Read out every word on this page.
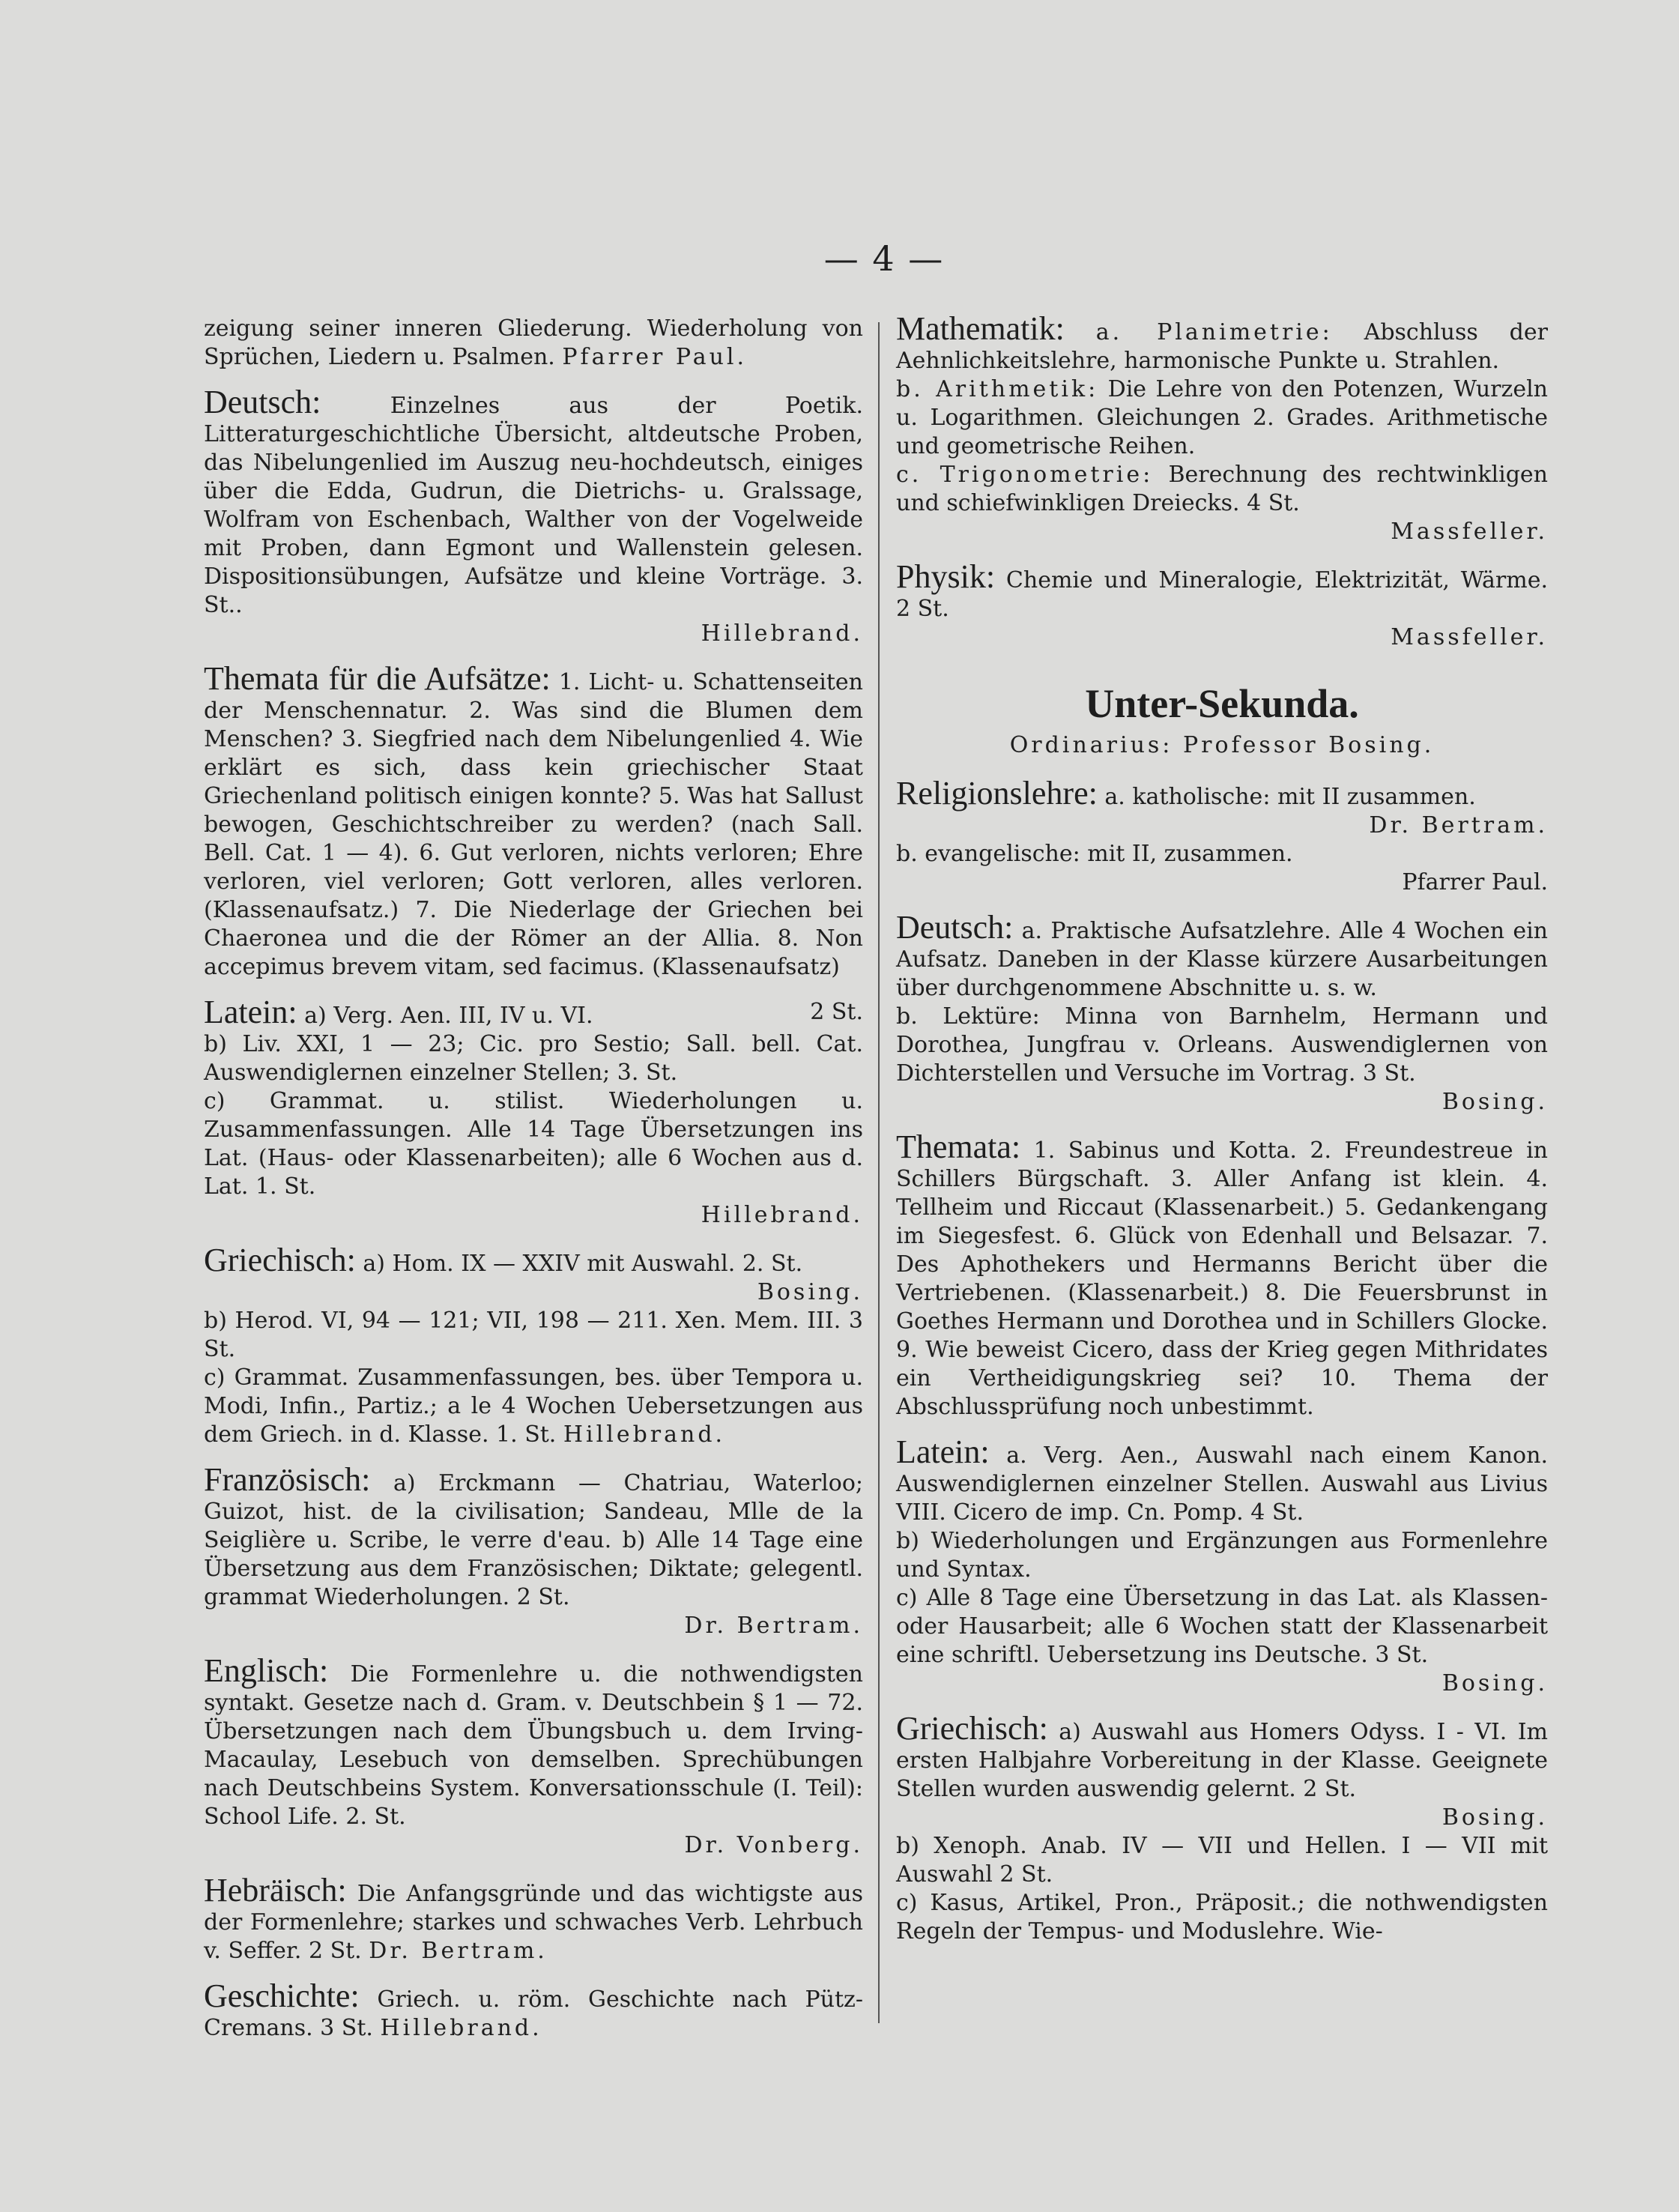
— 4 —

zeigung seiner inneren Gliederung. Wiederholung von Sprüchen, Liedern u. Psalmen. Pfarrer Paul.

Deutsch:	Einzelnes aus der Poetik. Litteraturgeschichtliche Übersicht, altdeutsche Proben, das Nibelungenlied im Auszug neu-hochdeutsch, einiges über die Edda, Gudrun, die Dietrichs- u. Gralssage, Wolfram von Eschenbach, Walther von der Vogelweide mit Proben, dann Egmont und Wallenstein gelesen. Dispositionsübungen, Aufsätze und kleine Vorträge. 3. St..
Hillebrand.

Themata für die Aufsätze: 1. Licht- u. Schattenseiten der Menschennatur. 2. Was sind die Blumen dem Menschen? 3. Siegfried nach dem Nibelungenlied 4. Wie erklärt es sich, dass kein griechischer Staat Griechenland politisch einigen konnte? 5. Was hat Sallust bewogen, Geschichtschreiber zu werden? (nach Sall. Bell. Cat. 1 — 4). 6. Gut verloren, nichts verloren; Ehre verloren, viel verloren; Gott verloren, alles verloren. (Klassenaufsatz.) 7. Die Niederlage der Griechen bei Chaeronea und die der Römer an der Allia. 8. Non accepimus brevem vitam, sed facimus. (Klassenaufsatz)

Latein: a) Verg. Aen. III, IV u. VI.	2 St.

b) Liv. XXI, 1 — 23; Cic. pro Sestio; Sall. bell. Cat. Auswendiglernen einzelner Stellen; 3. St.

c) Grammat. u. stilist. Wiederholungen u. Zusammenfassungen. Alle 14 Tage Übersetzungen ins Lat. (Haus- oder Klassenarbeiten); alle 6 Wochen aus d. Lat. 1. St.

Hillebrand.

Griechisch: a) Hom. IX — XXIV mit Auswahl. 2. St.
Bosing.

b) Herod. VI, 94 — 121; VII, 198 — 211. Xen. Mem. III. 3 St.

c) Grammat. Zusammenfassungen, bes. über Tempora u. Modi, Infin., Partiz.; a le 4 Wochen Uebersetzungen aus dem Griech. in d. Klasse. 1. St. Hillebrand.

Französisch: a) Erckmann — Chatriau, Waterloo; Guizot, hist. de la civilisation; Sandeau, Mlle de la Seiglière u. Scribe, le verre d'eau. b) Alle 14 Tage eine Übersetzung aus dem Französischen; Diktate; gelegentl. grammat Wiederholungen. 2 St.
Dr. Bertram.

Englisch: Die Formenlehre u. die nothwendigsten syntakt. Gesetze nach d. Gram. v. Deutschbein § 1 — 72. Übersetzungen nach dem Übungsbuch u. dem Irving-Macaulay, Lesebuch von demselben. Sprechübungen nach Deutschbeins System. Konversationsschule (I. Teil): School Life. 2. St.
Dr. Vonberg.

Hebräisch: Die Anfangsgründe und das wichtigste aus der Formenlehre; starkes und schwaches Verb. Lehrbuch v. Seffer. 2 St. Dr. Bertram.

Geschichte: Griech. u. röm. Geschichte nach Pütz-Cremans. 3 St. Hillebrand.

Mathematik: a. Planimetrie: Abschluss der Aehnlichkeitslehre, harmonische Punkte u. Strahlen.

b. Arithmetik: Die Lehre von den Potenzen, Wurzeln u. Logarithmen. Gleichungen 2. Grades. Arithmetische und geometrische Reihen.

c. Trigonometrie: Berechnung des rechtwinkligen und schiefwinkligen Dreiecks. 4 St.

Massfeller.

Physik: Chemie und Mineralogie, Elektrizität, Wärme. 2 St.
Massfeller.

Unter-Sekunda.
Ordinarius: Professor Bosing.

Religionslehre: a. katholische: mit II zusammen.
Dr. Bertram.

b. evangelische: mit II, zusammen.

Pfarrer Paul.

Deutsch: a. Praktische Aufsatzlehre. Alle 4 Wochen ein Aufsatz. Daneben in der Klasse kürzere Ausarbeitungen über durchgenommene Abschnitte u. s. w.

b. Lektüre: Minna von Barnhelm, Hermann und Dorothea, Jungfrau v. Orleans. Auswendiglernen von Dichterstellen und Versuche im Vortrag. 3 St.

Bosing.

Themata: 1. Sabinus und Kotta. 2. Freundestreue in Schillers Bürgschaft. 3. Aller Anfang ist klein. 4. Tellheim und Riccaut (Klassenarbeit.) 5. Gedankengang im Siegesfest. 6. Glück von Edenhall und Belsazar. 7. Des Aphothekers und Hermanns Bericht über die Vertriebenen. (Klassenarbeit.) 8. Die Feuersbrunst in Goethes Hermann und Dorothea und in Schillers Glocke. 9. Wie beweist Cicero, dass der Krieg gegen Mithridates ein Vertheidigungskrieg sei? 10. Thema der Abschlussprüfung noch unbestimmt.

Latein: a. Verg. Aen., Auswahl nach einem Kanon. Auswendiglernen einzelner Stellen. Auswahl aus Livius VIII. Cicero de imp. Cn. Pomp. 4 St.

b) Wiederholungen und Ergänzungen aus Formenlehre und Syntax.

c) Alle 8 Tage eine Übersetzung in das Lat. als Klassen- oder Hausarbeit; alle 6 Wochen statt der Klassenarbeit eine schriftl. Uebersetzung ins Deutsche. 3 St.

Bosing.

Griechisch: a) Auswahl aus Homers Odyss. I - VI. Im ersten Halbjahre Vorbereitung in der Klasse. Geeignete Stellen wurden auswendig gelernt. 2 St.
Bosing.

b) Xenoph. Anab. IV — VII und Hellen. I — VII mit Auswahl 2 St.

c) Kasus, Artikel, Pron., Präposit.; die nothwendigsten Regeln der Tempus- und Moduslehre. Wie-
